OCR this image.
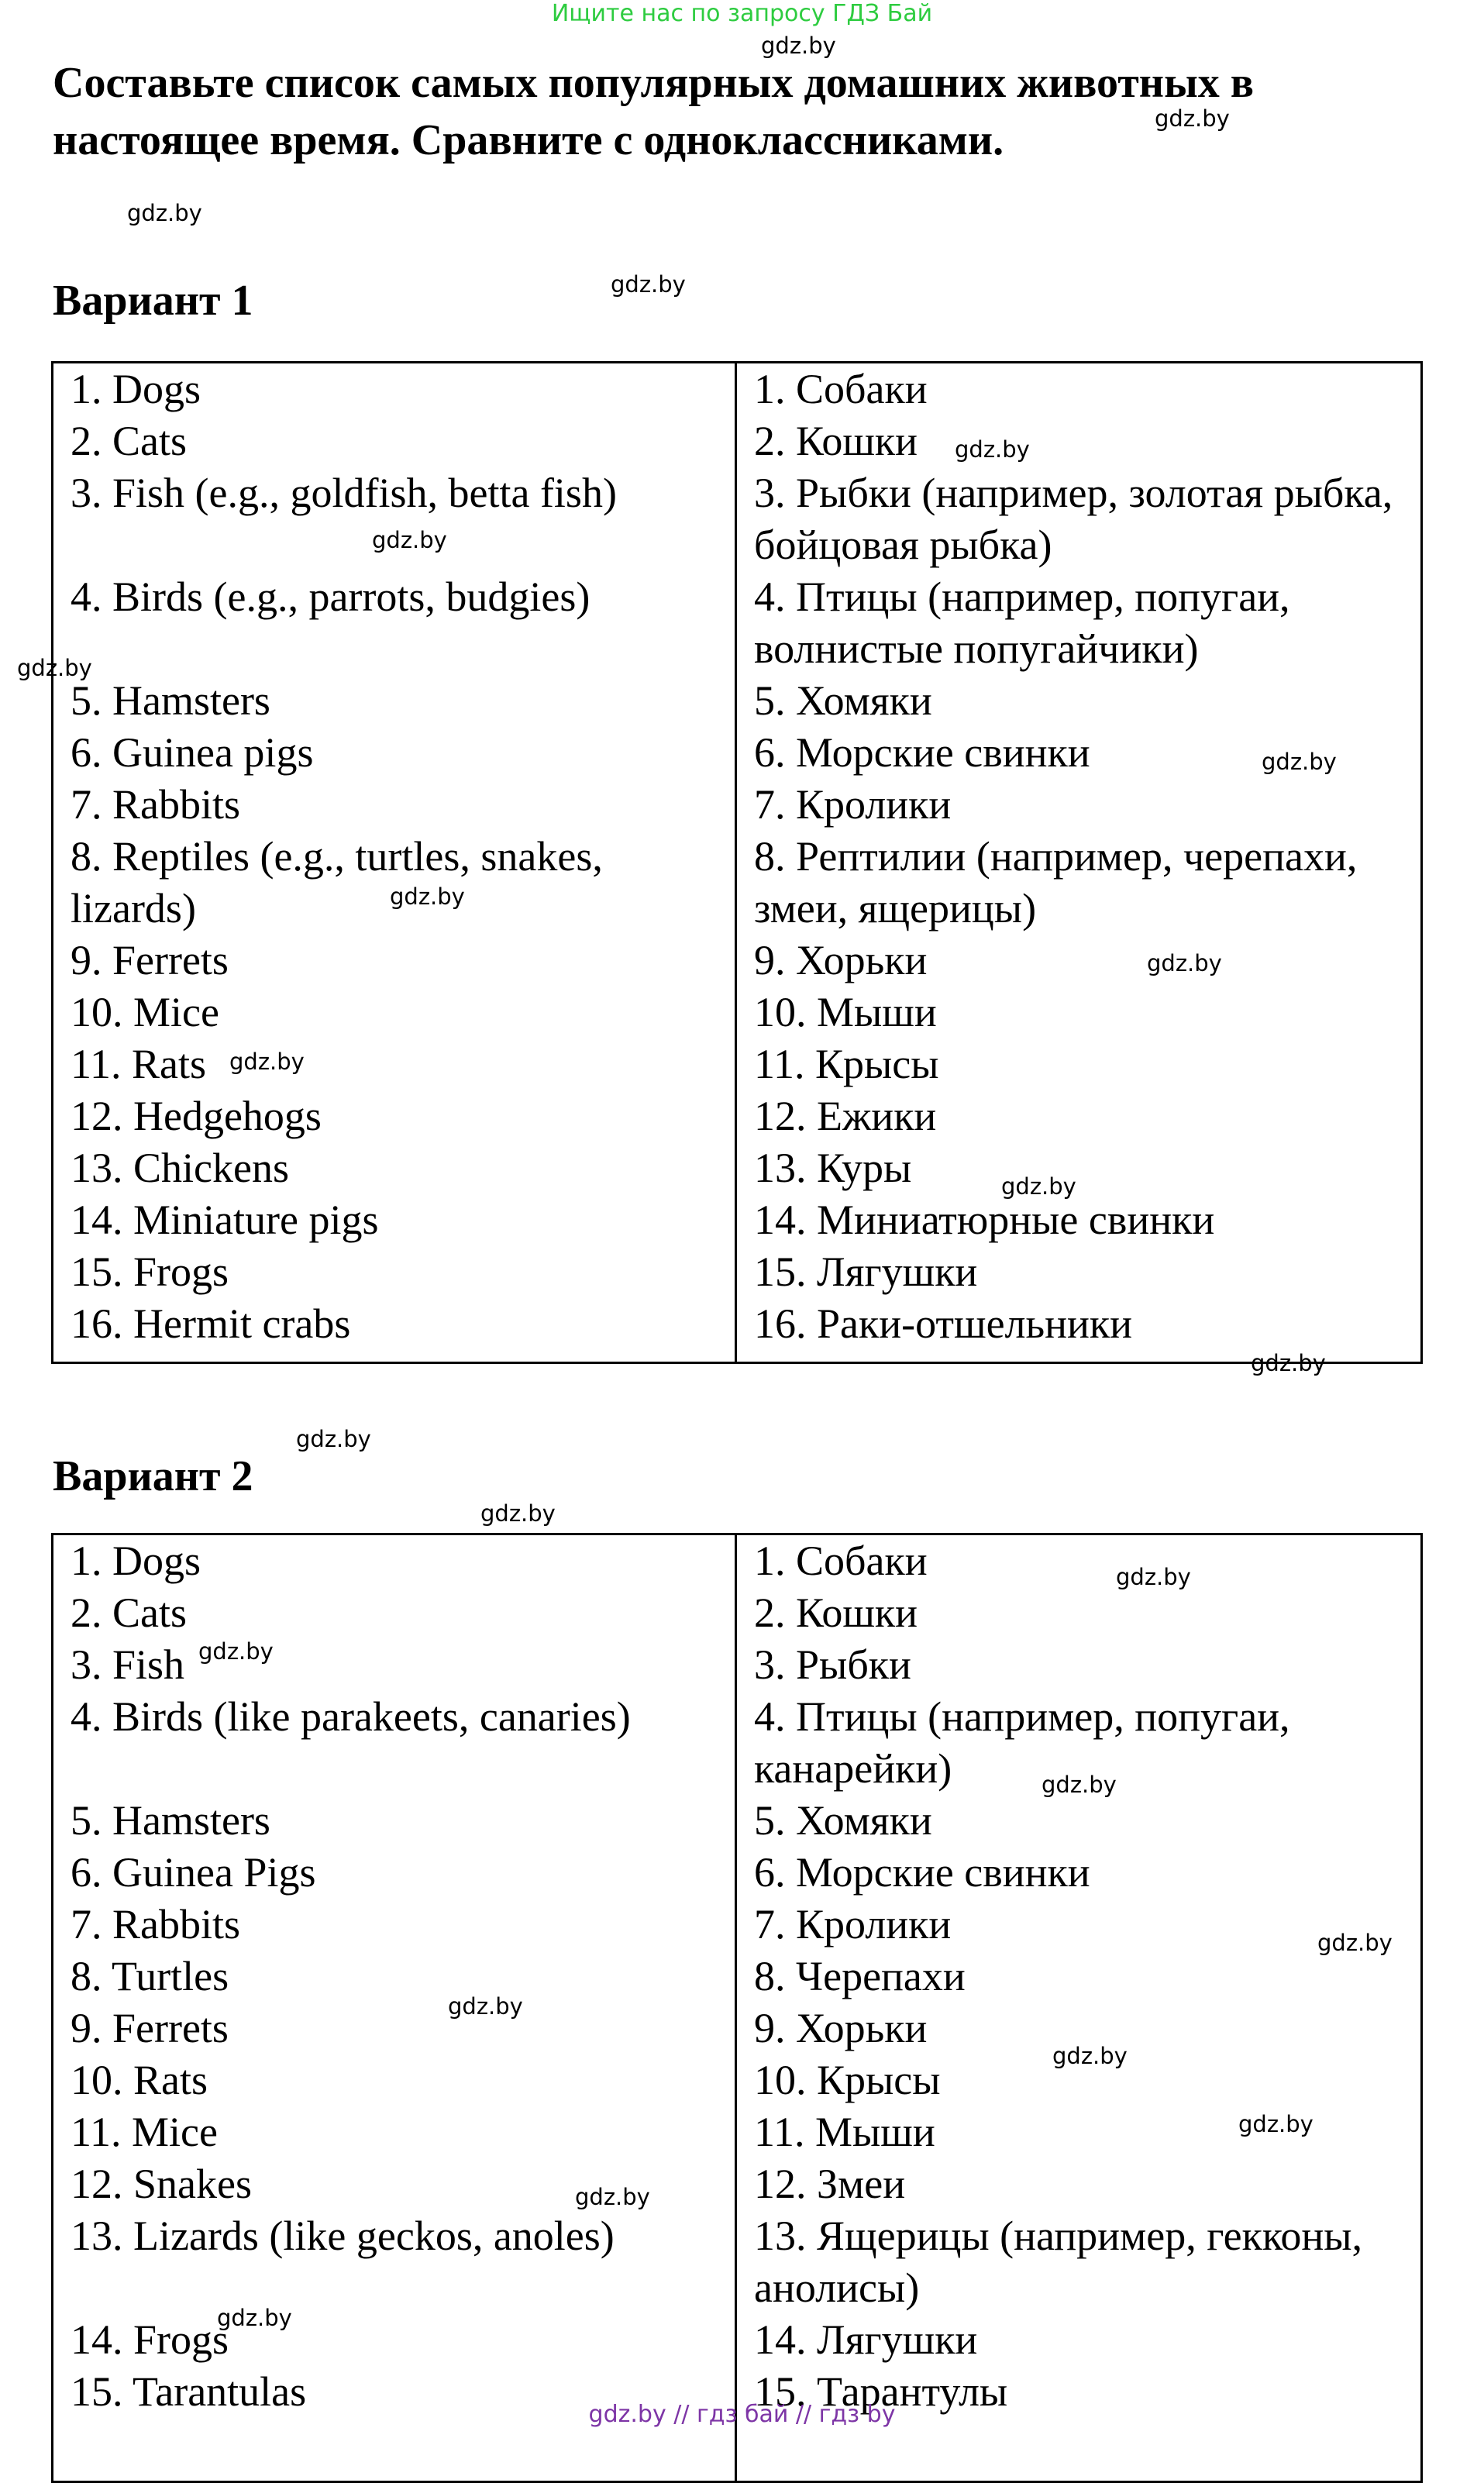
Ищите нас по запросу ГДЗ Бай
Составьте список самых популярных домашних животных в настоящее время. Сравните с одноклассниками.
Вариант 1
1. Dogs
2. Cats
3. Fish (e.g., goldfish, betta fish)
4. Birds (e.g., parrots, budgies)
5. Hamsters
6. Guinea pigs
7. Rabbits
8. Reptiles (e.g., turtles, snakes, lizards)
9. Ferrets
10. Mice
11. Rats
12. Hedgehogs
13. Chickens
14. Miniature pigs
15. Frogs
16. Hermit crabs
1. Собаки
2. Кошки
3. Рыбки (например, золотая рыбка, бойцовая рыбка)
4. Птицы (например, попугаи, волнистые попугайчики)
5. Хомяки
6. Морские свинки
7. Кролики
8. Рептилии (например, черепахи, змеи, ящерицы)
9. Хорьки
10. Мыши
11. Крысы
12. Ежики
13. Куры
14. Миниатюрные свинки
15. Лягушки
16. Раки-отшельники
Вариант 2
1. Dogs
2. Cats
3. Fish
4. Birds (like parakeets, canaries)
5. Hamsters
6. Guinea Pigs
7. Rabbits
8. Turtles
9. Ferrets
10. Rats
11. Mice
12. Snakes
13. Lizards (like geckos, anoles)
14. Frogs
15. Tarantulas
1. Собаки
2. Кошки
3. Рыбки
4. Птицы (например, попугаи, канарейки)
5. Хомяки
6. Морские свинки
7. Кролики
8. Черепахи
9. Хорьки
10. Крысы
11. Мыши
12. Змеи
13. Ящерицы (например, гекконы, анолисы)
14. Лягушки
15. Тарантулы
gdz.by
gdz.by
gdz.by
gdz.by
gdz.by
gdz.by
gdz.by
gdz.by
gdz.by
gdz.by
gdz.by
gdz.by
gdz.by
gdz.by
gdz.by
gdz.by
gdz.by
gdz.by
gdz.by
gdz.by
gdz.by
gdz.by
gdz.by
gdz.by
gdz.by // гдз бай // гдз by
